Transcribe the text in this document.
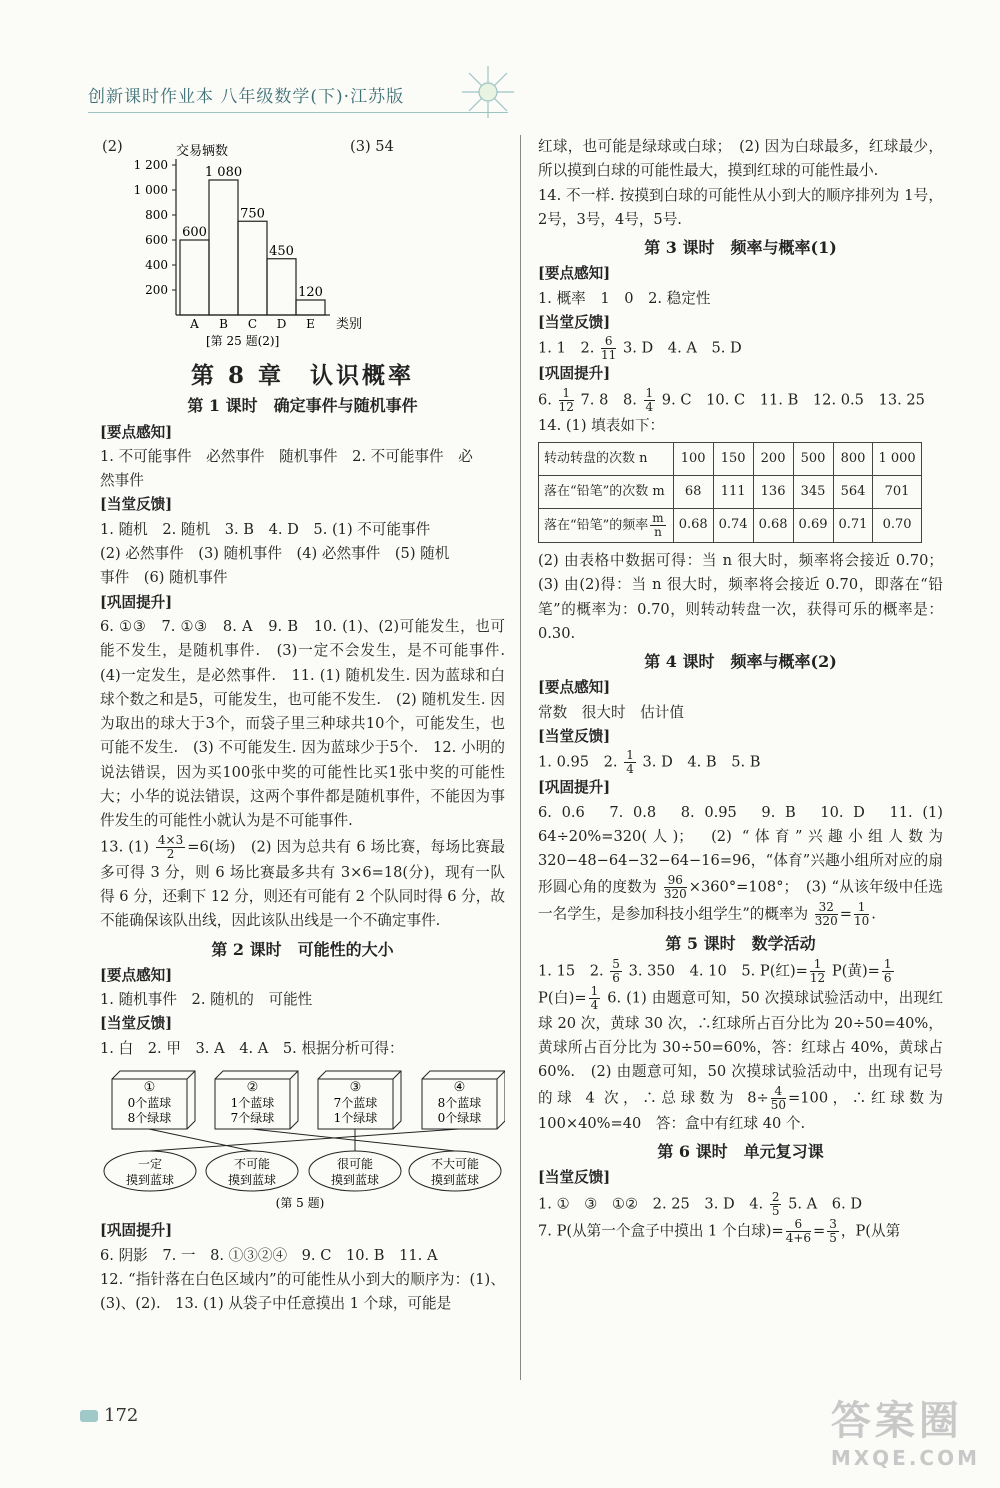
创新课时作业本 八年级数学(下)·江苏版
(2)	(3) 54
交易辆数
类别
[第 25 题(2)]
1 200
1 000
800
600
400
200
600
A
1 080
B
750
C
450
D
120
E
第 8 章　认识概率
第 1 课时　确定事件与随机事件
[要点感知]
1. 不可能事件　必然事件　随机事件　2. 不可能事件　必
然事件
[当堂反馈]
1. 随机　2. 随机　3. B　4. D　5. (1) 不可能事件
(2) 必然事件　(3) 随机事件　(4) 必然事件　(5) 随机
事件　(6) 随机事件
[巩固提升]
6. ①③　7. ①③　8. A　9. B　10. (1)、(2)可能发生，也可能不发生，是随机事件.　(3)一定不会发生，是不可能事件.　(4)一定发生，是必然事件.　11. (1) 随机发生. 因为蓝球和白球个数之和是5，可能发生，也可能不发生.　(2) 随机发生. 因为取出的球大于3个，而袋子里三种球共10个，可能发生，也可能不发生.　(3) 不可能发生. 因为蓝球少于5个.　12. 小明的说法错误，因为买100张中奖的可能性比买1张中奖的可能性大；小华的说法错误，这两个事件都是随机事件，不能因为事件发生的可能性小就认为是不可能事件.
13. $(1) \frac{4\times 3}{2} =6$(场)　(2) 因为总共有 6 场比赛，每场比赛最多可得 3 分，则 6 场比赛最多共有 3×6=18(分)，现有一队得 6 分，还剩下 12 分，则还有可能有 2 个队同时得 6 分，故不能确保该队出线，因此该队出线是一个不确定事件.
第 2 课时　可能性的大小
[要点感知]
1. 随机事件　2. 随机的　可能性
[当堂反馈]
1. 白　2. 甲　3. A　4. A　5. 根据分析可得：
①
0个蓝球
8个绿球
②
1个蓝球
7个绿球
③
7个蓝球
1个绿球
④
8个蓝球
0个绿球
一定
摸到蓝球
不可能
摸到蓝球
很可能
摸到蓝球
不大可能
摸到蓝球
(第 5 题)
[巩固提升]
6. 阴影　7. 一　8. ①③②④　9. C　10. B　11. A
12. “指针落在白色区域内”的可能性从小到大的顺序为：(1)、(3)、(2).　13. (1) 从袋子中任意摸出 1 个球，可能是
红球，也可能是绿球或白球；　(2) 因为白球最多，红球最少，所以摸到白球的可能性最大，摸到红球的可能性最小.
14. 不一样. 按摸到白球的可能性从小到大的顺序排列为 1号，2号，3号，4号，5号.
第 3 课时　频率与概率(1)
[要点感知]
1. 概率　1　0　2. 稳定性
[当堂反馈]
1. 1　2. $\frac{6}{11} 3$. D　4. A　5. D
[巩固提升]
6. $\frac{1}{12} 7$. 8　8. $\frac{1}{4} 9$. C　10. C　11. B　12. 0.5　13. 25
14. (1) 填表如下：
转动转盘的次数 n	100	150	200	500	800	1 000
落在“铅笔”的次数 m	68	111	136	345	564	701
落在“铅笔”的频率 $\frac{m}{n}$	0.68	0.74	0.68	0.69	0.71	0.70
(2) 由表格中数据可得：当 n 很大时，频率将会接近 0.70；(3) 由(2)得：当 n 很大时，频率将会接近 0.70，即落在“铅笔”的概率为：0.70，则转动转盘一次，获得可乐的概率是：0.30.
第 4 课时　频率与概率(2)
[要点感知]
常数　很大时　估计值
[当堂反馈]
1. 0.95　2. $\frac{1}{4} 3$. D　4. B　5. B
[巩固提升]
6. 0.6　7. 0.8　8. 0.95　9. B　10. D　11. (1) 64÷20%=320(人)；　(2) “体育”兴趣小组人数为 320−48−64−32−64−16=96，“体育”兴趣小组所对应的扇形圆心角的度数为 $\frac{96}{320} \times 360^\circ=108^\circ$；　(3) “从该年级中任选一名学生，是参加科技小组学生”的概率为 $\frac{32}{320} = \frac{1}{10}$ .
第 5 课时　数学活动
1. 15　2. $\frac{5}{6} 3$. 350　4. 10　5. P(红)= $\frac{1}{12} P$(黄)= $\frac{1}{6}$
P(白)= $\frac{1}{4} 6$. (1) 由题意可知，50 次摸球试验活动中，出现红球 20 次，黄球 30 次，∴红球所占百分比为 20÷50=40%，黄球所占百分比为 30÷50=60%，答：红球占 40%，黄球占 60%.　(2) 由题意可知，50 次摸球试验活动中，出现有记号的球 4 次，∴总球数为 $8\div \frac{4}{50} =100$，∴红球数为 100×40%=40　答：盒中有红球 40 个.
第 6 课时　单元复习课
[当堂反馈]
1. ①　③　①②　2. 25　3. D　4. $\frac{2}{5} 5$. A　6. D
7. P(从第一个盒子中摸出 1 个白球)= $\frac{6}{4+6} = \frac{3}{5}$ ，P(从第
172	答案圈
MXQE.COM
